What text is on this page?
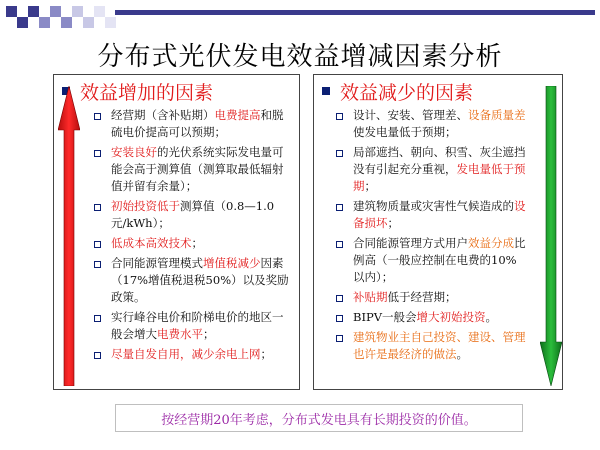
分布式光伏发电效益增减因素分析
效益增加的因素
经营期（含补贴期）电费提高和脱硫电价提高可以预期；
安装良好的光伏系统实际发电量可能会高于测算值（测算取最低辐射值并留有余量）；
初始投资低于测算值（0.8—1.0元/kWh）；
低成本高效技术；
合同能源管理模式增值税减少因素（17%增值税退税50%）以及奖励政策。
实行峰谷电价和阶梯电价的地区一般会增大电费水平；
尽量自发自用，减少余电上网；
效益减少的因素
设计、安装、管理差、设备质量差使发电量低于预期；
局部遮挡、朝向、积雪、灰尘遮挡没有引起充分重视，发电量低于预期；
建筑物质量或灾害性气候造成的设备损坏；
合同能源管理方式用户效益分成比例高（一般应控制在电费的10%以内）；
补贴期低于经营期；
BIPV一般会增大初始投资。
建筑物业主自己投资、建设、管理也许是最经济的做法。
按经营期20年考虑，分布式发电具有长期投资的价值。
